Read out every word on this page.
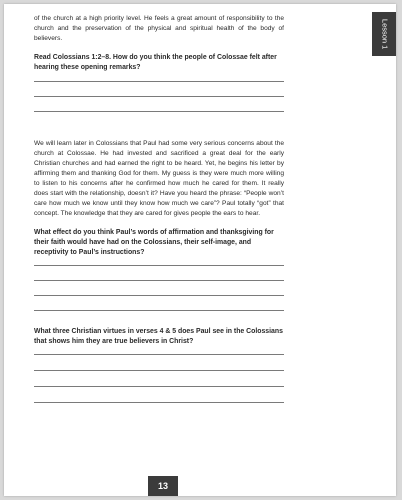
Lesson 1

of the church at a high priority level. He feels a great amount of responsibility to the church and the preservation of the physical and spiritual health of the body of believers.

Read Colossians 1:2–8. How do you think the people of Colossae felt after hearing these opening remarks?

We will learn later in Colossians that Paul had some very serious concerns about the church at Colossae. He had invested and sacrificed a great deal for the early Christian churches and had earned the right to be heard. Yet, he begins his letter by affirming them and thanking God for them. My guess is they were much more willing to listen to his concerns after he confirmed how much he cared for them. It really does start with the relationship, doesn’t it? Have you heard the phrase: “People won’t care how much we know until they know how much we care”? Paul totally “got” that concept. The knowledge that they are cared for gives people the ears to hear.

What effect do you think Paul’s words of affirmation and thanksgiving for their faith would have had on the Colossians, their self-image, and receptivity to Paul’s instructions?

What three Christian virtues in verses 4 & 5 does Paul see in the Colossians that shows him they are true believers in Christ?

13
